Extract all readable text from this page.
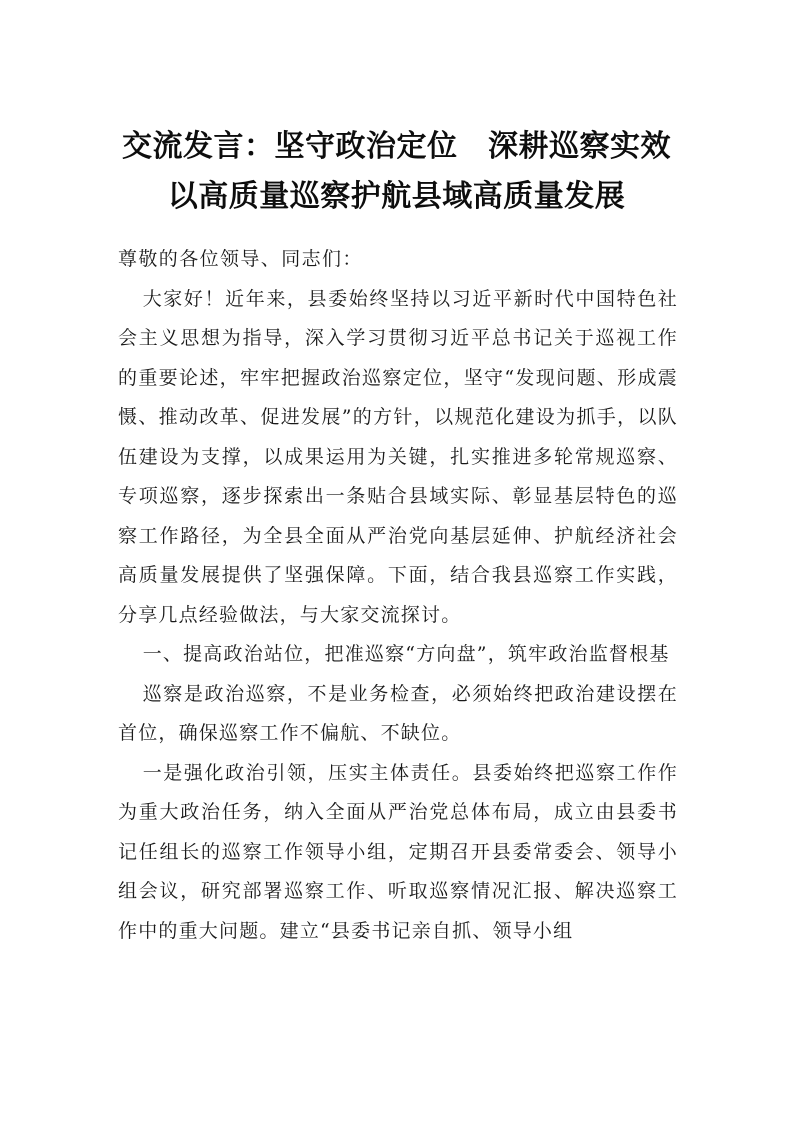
交流发言：坚守政治定位　深耕巡察实效
以高质量巡察护航县域高质量发展

尊敬的各位领导、同志们：

大家好！近年来，县委始终坚持以习近平新时代中国特色社会主义思想为指导，深入学习贯彻习近平总书记关于巡视工作的重要论述，牢牢把握政治巡察定位，坚守“发现问题、形成震慑、推动改革、促进发展”的方针，以规范化建设为抓手，以队伍建设为支撑，以成果运用为关键，扎实推进多轮常规巡察、专项巡察，逐步探索出一条贴合县域实际、彰显基层特色的巡察工作路径，为全县全面从严治党向基层延伸、护航经济社会高质量发展提供了坚强保障。下面，结合我县巡察工作实践，分享几点经验做法，与大家交流探讨。

一、提高政治站位，把准巡察“方向盘”，筑牢政治监督根基

巡察是政治巡察，不是业务检查，必须始终把政治建设摆在首位，确保巡察工作不偏航、不缺位。

一是强化政治引领，压实主体责任。县委始终把巡察工作作为重大政治任务，纳入全面从严治党总体布局，成立由县委书记任组长的巡察工作领导小组，定期召开县委常委会、领导小组会议，研究部署巡察工作、听取巡察情况汇报、解决巡察工作中的重大问题。建立“县委书记亲自抓、领导小组
